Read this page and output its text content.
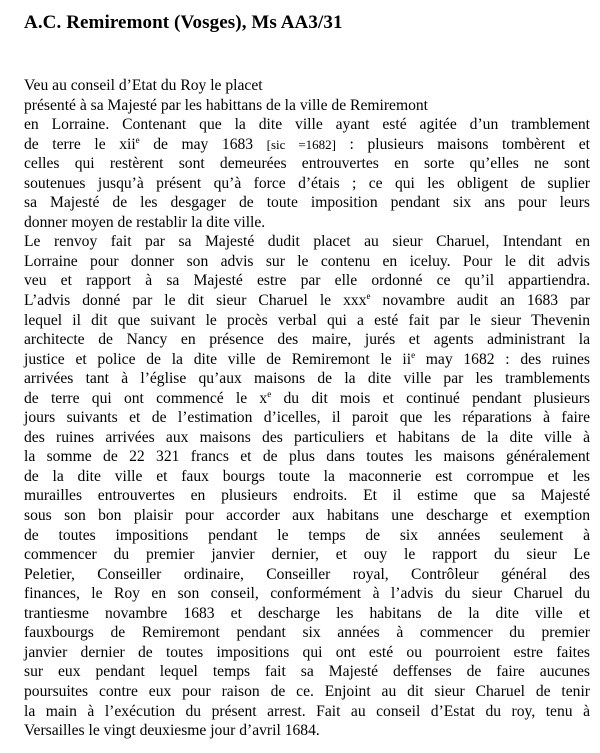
A.C. Remiremont (Vosges), Ms AA3/31
Veu au conseil d’Etat du Roy le placet
présenté à sa Majesté par les habittans de la ville de Remiremont
en Lorraine. Contenant que la dite ville ayant esté agitée d’un tramblement
de terre le xii$^e$ de may 1683 [sic =1682] : plusieurs maisons tombèrent et
celles qui restèrent sont demeurées entrouvertes en sorte qu’elles ne sont
soutenues jusqu’à présent qu’à force d’étais ; ce qui les obligent de suplier
sa Majesté de les desgager de toute imposition pendant six ans pour leurs
donner moyen de restablir la dite ville.
Le renvoy fait par sa Majesté dudit placet au sieur Charuel, Intendant en
Lorraine pour donner son advis sur le contenu en iceluy. Pour le dit advis
veu et rapport à sa Majesté estre par elle ordonné ce qu’il appartiendra.
L’advis donné par le dit sieur Charuel le xxx$^e$ novambre audit an 1683 par
lequel il dit que suivant le procès verbal qui a esté fait par le sieur Thevenin
architecte de Nancy en présence des maire, jurés et agents administrant la
justice et police de la dite ville de Remiremont le $ii^e$ may 1682 : des ruines
arrivées tant à l’église qu’aux maisons de la dite ville par les tramblements
de terre qui ont commencé le $x^e$ du dit mois et continué pendant plusieurs
jours suivants et de l’estimation d’icelles, il paroit que les réparations à faire
des ruines arrivées aux maisons des particuliers et habitans de la dite ville à
la somme de 22 321 francs et de plus dans toutes les maisons généralement
de la dite ville et faux bourgs toute la maconnerie est corrompue et les
murailles entrouvertes en plusieurs endroits. Et il estime que sa Majesté
sous son bon plaisir pour accorder aux habitans une descharge et exemption
de toutes impositions pendant le temps de six années seulement à
commencer du premier janvier dernier, et ouy le rapport du sieur Le
Peletier, Conseiller ordinaire, Conseiller royal, Contrôleur général des
finances, le Roy en son conseil, conformément à l’advis du sieur Charuel du
trantiesme novambre 1683 et descharge les habitans de la dite ville et
fauxbourgs de Remiremont pendant six années à commencer du premier
janvier dernier de toutes impositions qui ont esté ou pourroient estre faites
sur eux pendant lequel temps fait sa Majesté deffenses de faire aucunes
poursuites contre eux pour raison de ce. Enjoint au dit sieur Charuel de tenir
la main à l’exécution du présent arrest. Fait au conseil d’Estat du roy, tenu à
Versailles le vingt deuxiesme jour d’avril 1684.
